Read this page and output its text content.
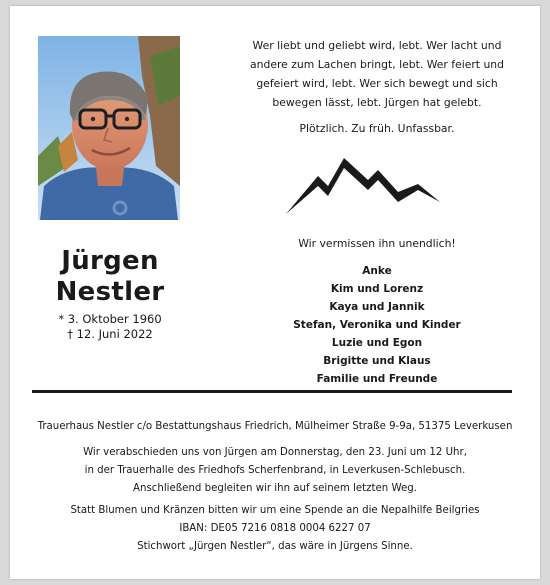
Jürgen
Nestler
* 3. Oktober 1960
† 12. Juni 2022
Wer liebt und geliebt wird, lebt. Wer lacht und
andere zum Lachen bringt, lebt. Wer feiert und
gefeiert wird, lebt. Wer sich bewegt und sich
bewegen lässt, lebt. Jürgen hat gelebt.
Plötzlich. Zu früh. Unfassbar.
Wir vermissen ihn unendlich!
Anke
Kim und Lorenz
Kaya und Jannik
Stefan, Veronika und Kinder
Luzie und Egon
Brigitte und Klaus
Familie und Freunde
Trauerhaus Nestler c/o Bestattungshaus Friedrich, Mülheimer Straße 9-9a, 51375 Leverkusen
Wir verabschieden uns von Jürgen am Donnerstag, den 23. Juni um 12 Uhr,
in der Trauerhalle des Friedhofs Scherfenbrand, in Leverkusen-Schlebusch.
Anschließend begleiten wir ihn auf seinem letzten Weg.
Statt Blumen und Kränzen bitten wir um eine Spende an die Nepalhilfe Beilgries
IBAN: DE05 7216 0818 0004 6227 07
Stichwort „Jürgen Nestler“, das wäre in Jürgens Sinne.
